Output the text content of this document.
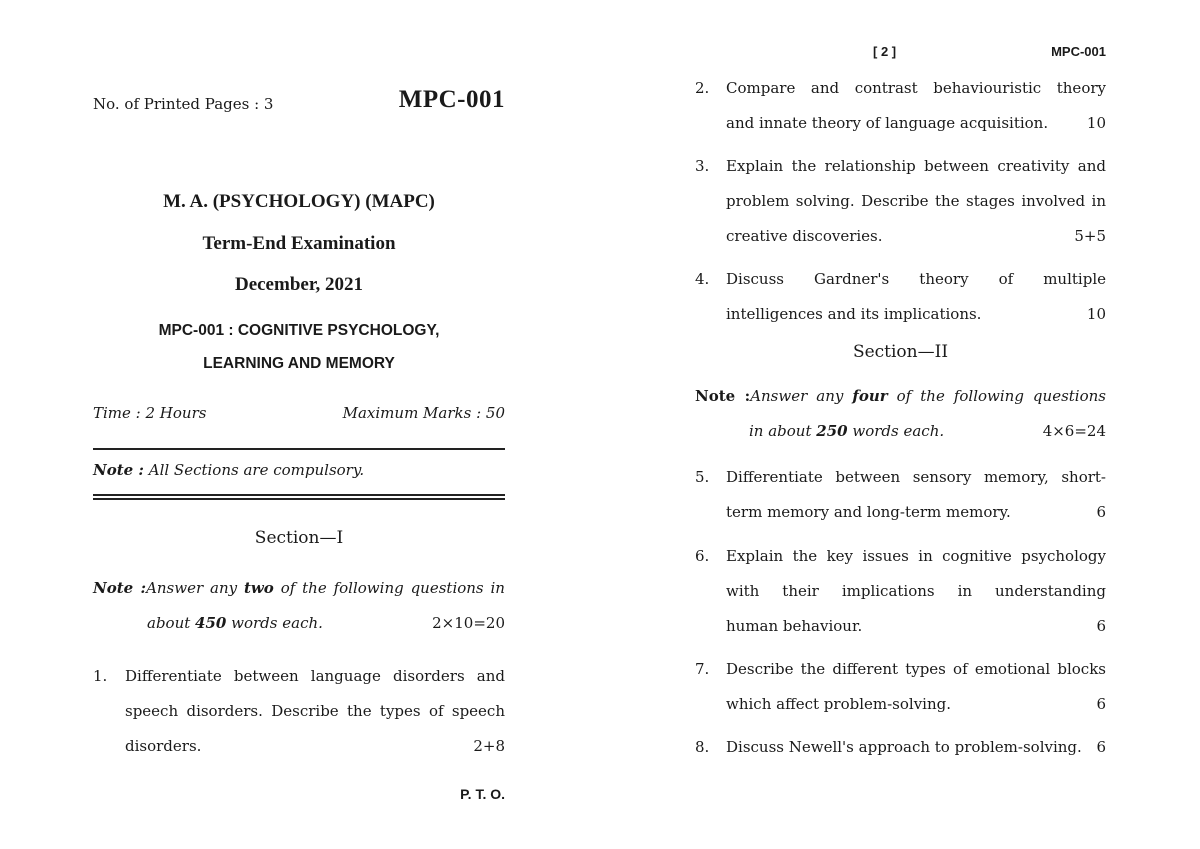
No. of Printed Pages : 3	MPC-001
M. A. (PSYCHOLOGY) (MAPC)
Term-End Examination
December, 2021
MPC-001 : COGNITIVE PSYCHOLOGY,
LEARNING AND MEMORY
Time : 2 Hours	Maximum Marks : 50
Note : All Sections are compulsory.
Section—I
Note :Answer any two of the following questions in
about 450 words each.	2×10=20
1. Differentiate between language disorders and
speech disorders. Describe the types of speech
disorders.	2+8
P. T. O.
[ 2 ]	MPC-001
2. Compare and contrast behaviouristic theory
and innate theory of language acquisition.	10
3. Explain the relationship between creativity and
problem solving. Describe the stages involved in
creative discoveries.	5+5
4. Discuss Gardner's theory of multiple
intelligences and its implications.	10
Section—II
Note :Answer any four of the following questions
in about 250 words each.	4×6=24
5. Differentiate between sensory memory, short-
term memory and long-term memory.	6
6. Explain the key issues in cognitive psychology
with their implications in understanding
human behaviour.	6
7. Describe the different types of emotional blocks
which affect problem-solving.	6
8. Discuss Newell's approach to problem-solving. 6
